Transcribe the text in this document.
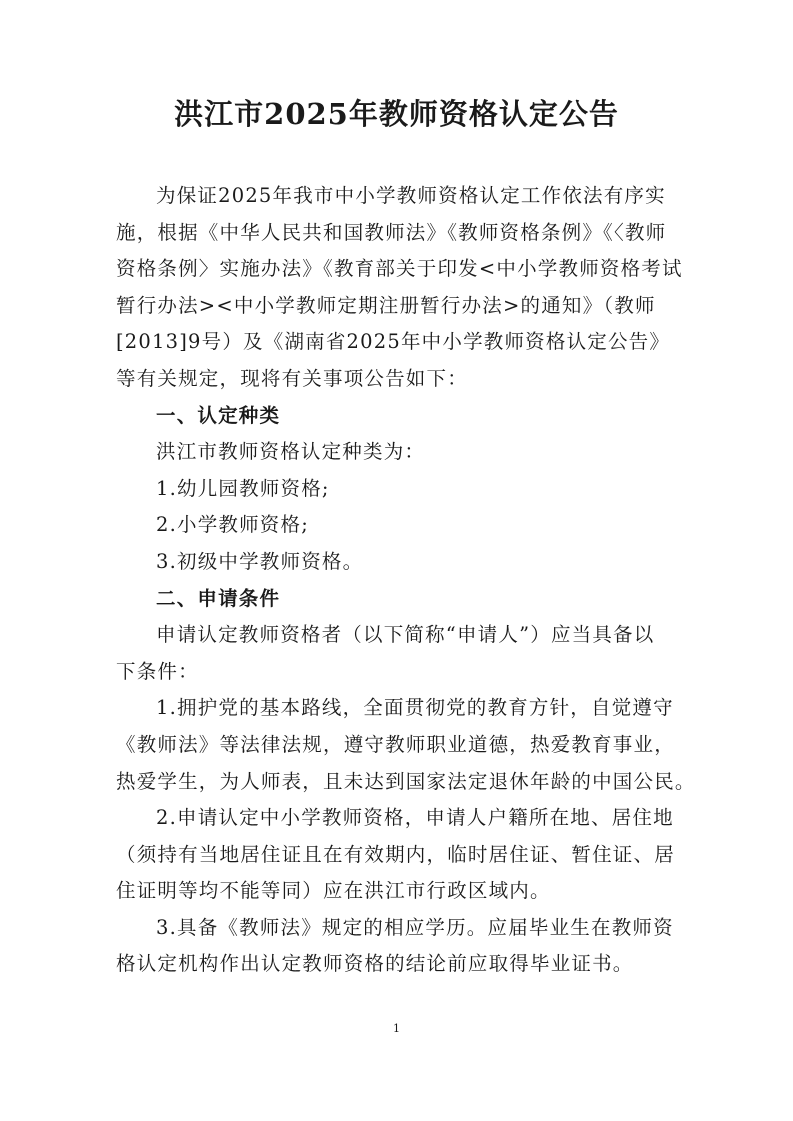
洪江市2025年教师资格认定公告
为保证2025年我市中小学教师资格认定工作依法有序实
施，根据《中华人民共和国教师法》《教师资格条例》《〈教师
资格条例〉实施办法》《教育部关于印发<中小学教师资格考试
暂行办法><中小学教师定期注册暂行办法>的通知》（教师
[2013]9号）及《湖南省2025年中小学教师资格认定公告》
等有关规定，现将有关事项公告如下：
一、认定种类
洪江市教师资格认定种类为：
1.幼儿园教师资格;
2.小学教师资格;
3.初级中学教师资格。
二、申请条件
申请认定教师资格者（以下简称“申请人”）应当具备以
下条件：
1.拥护党的基本路线，全面贯彻党的教育方针，自觉遵守
《教师法》等法律法规，遵守教师职业道德，热爱教育事业，
热爱学生，为人师表，且未达到国家法定退休年龄的中国公民。
2.申请认定中小学教师资格，申请人户籍所在地、居住地
（须持有当地居住证且在有效期内，临时居住证、暂住证、居
住证明等均不能等同）应在洪江市行政区域内。
3.具备《教师法》规定的相应学历。应届毕业生在教师资
格认定机构作出认定教师资格的结论前应取得毕业证书。
1
